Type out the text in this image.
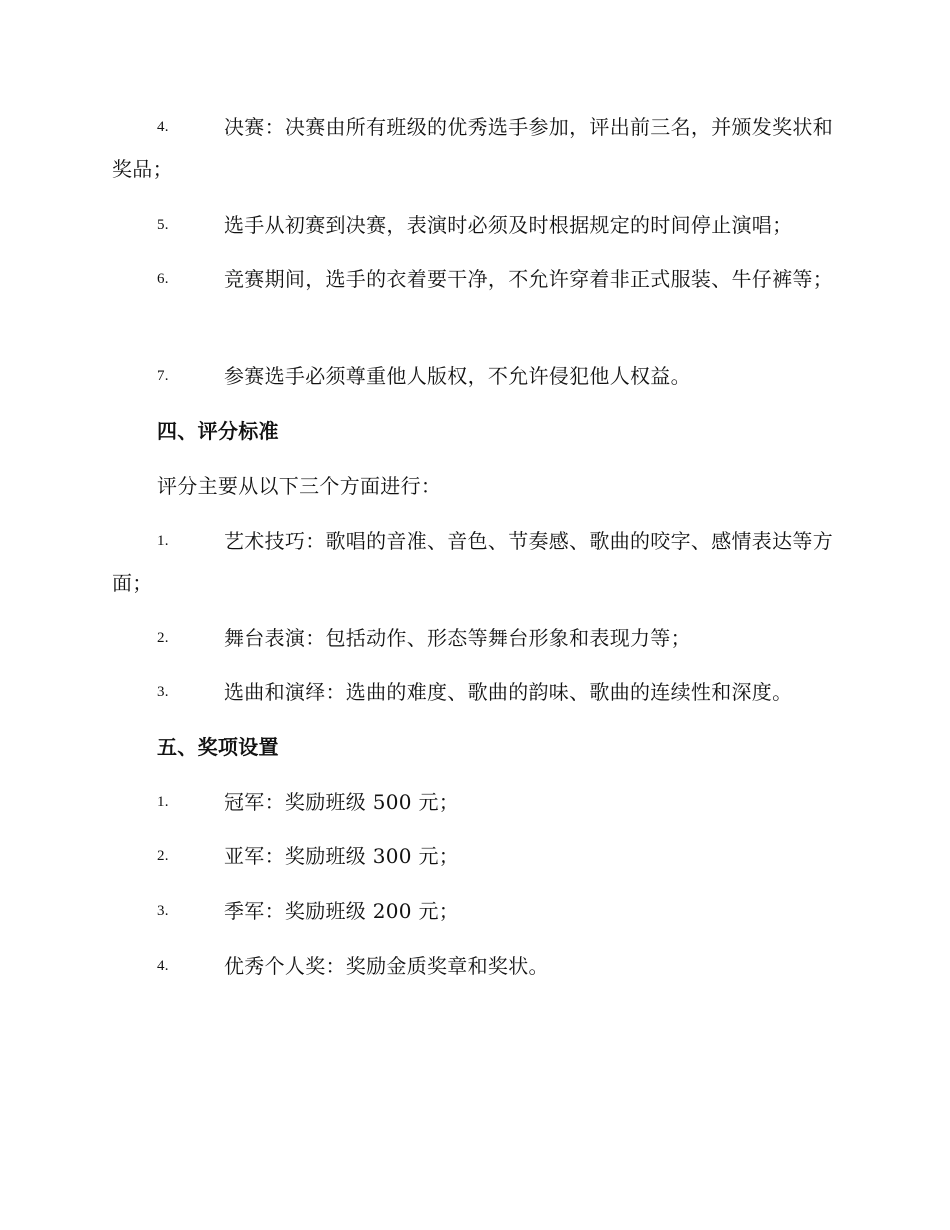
4.	决赛：决赛由所有班级的优秀选手参加，评出前三名，并颁发奖状和奖品；
5.	选手从初赛到决赛，表演时必须及时根据规定的时间停止演唱；
6.	竞赛期间，选手的衣着要干净，不允许穿着非正式服装、牛仔裤等；
7.	参赛选手必须尊重他人版权，不允许侵犯他人权益。
四、评分标准
评分主要从以下三个方面进行：
1.	艺术技巧：歌唱的音准、音色、节奏感、歌曲的咬字、感情表达等方面；
2.	舞台表演：包括动作、形态等舞台形象和表现力等；
3.	选曲和演绎：选曲的难度、歌曲的韵味、歌曲的连续性和深度。
五、奖项设置
1.	冠军：奖励班级 500 元；
2.	亚军：奖励班级 300 元；
3.	季军：奖励班级 200 元；
4.	优秀个人奖：奖励金质奖章和奖状。
